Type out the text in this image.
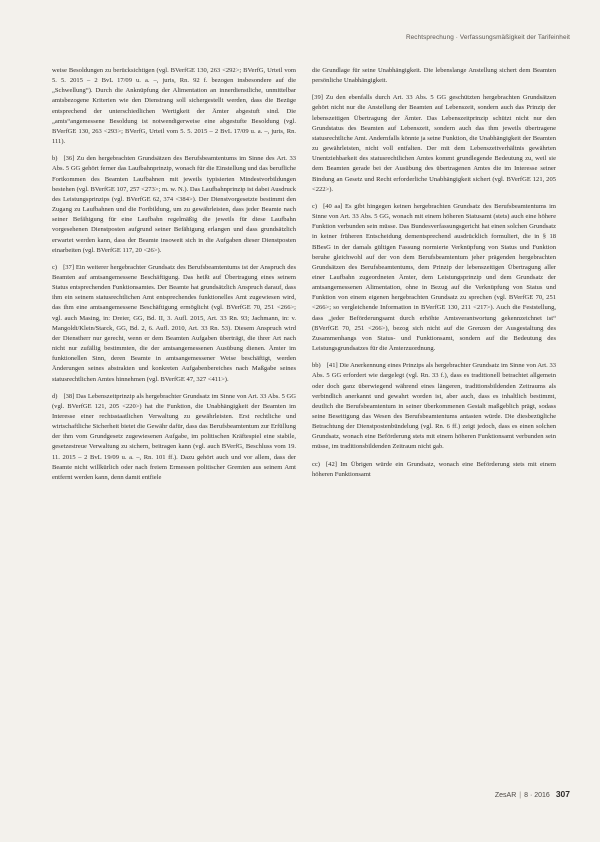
Rechtsprechung · Verfassungsmäßigkeit der Tarifeinheit

weise Besoldungen zu berücksichtigen (vgl. BVerfGE 130, 263 <292>; BVerfG, Urteil vom 5. 5. 2015 – 2 BvL 17/09 u. a. –, juris, Rn. 92 f. bezogen insbesondere auf die „Schwellung“). Durch die Anknüpfung der Alimentation an innerdienstliche, unmittelbar amtsbezogene Kriterien wie den Dienstrang soll sichergestellt werden, dass die Bezüge entsprechend der unterschiedlichen Wertigkeit der Ämter abgestuft sind. Die „amts“angemessene Besoldung ist notwendigerweise eine abgestufte Besoldung (vgl. BVerfGE 130, 263 <293>; BVerfG, Urteil vom 5. 5. 2015 – 2 BvL 17/09 u. a. –, juris, Rn. 111).

b) [36] Zu den hergebrachten Grundsätzen des Berufsbeamtentums im Sinne des Art. 33 Abs. 5 GG gehört ferner das Laufbahnprinzip, wonach für die Einstellung und das berufliche Fortkommen des Beamten Laufbahnen mit jeweils typisierten Mindestvorbildungen bestehen (vgl. BVerfGE 107, 257 <273>; m. w. N.). Das Laufbahnprinzip ist dabei Ausdruck des Leistungsprinzips (vgl. BVerfGE 62, 374 <384>). Der Dienstvorgesetzte bestimmt den Zugang zu Laufbahnen und die Fortbildung, um zu gewährleisten, dass jeder Beamte nach seiner Befähigung für eine Laufbahn regelmäßig die jeweils für diese Laufbahn vorgesehenen Dienstposten aufgrund seiner Befähigung erlangen und dass grundsätzlich erwartet werden kann, dass der Beamte insoweit sich in die Aufgaben dieser Dienstposten einarbeiten (vgl. BVerfGE 117, 20 <26>).

c) [37] Ein weiterer hergebrachter Grundsatz des Berufsbeamtentums ist der Anspruch des Beamten auf amtsangemessene Beschäftigung. Das heißt auf Übertragung eines seinem Status entsprechenden Funktionsamtes. Der Beamte hat grundsätzlich Anspruch darauf, dass ihm ein seinem statusrechtlichen Amt entsprechendes funktionelles Amt zugewiesen wird, das ihm eine amtsangemessene Beschäftigung ermöglicht (vgl. BVerfGE 70, 251 <266>; vgl. auch Masing, in: Dreier, GG, Bd. II, 3. Aufl. 2015, Art. 33 Rn. 93; Jachmann, in: v. Mangoldt/Klein/Starck, GG, Bd. 2, 6. Aufl. 2010, Art. 33 Rn. 53). Diesem Anspruch wird der Dienstherr nur gerecht, wenn er dem Beamten Aufgaben überträgt, die ihrer Art nach nicht nur zufällig bestimmten, die der amtsangemessenen Ausübung dienen. Ämter im funktionellen Sinn, deren Beamte in amtsangemessener Weise beschäftigt, werden Änderungen seines abstrakten und konkreten Aufgabenbereiches nach Maßgabe seines statusrechtlichen Amtes hinnehmen (vgl. BVerfGE 47, 327 <411>).

d) [38] Das Lebenszeitprinzip als hergebrachter Grundsatz im Sinne von Art. 33 Abs. 5 GG (vgl. BVerfGE 121, 205 <220>) hat die Funktion, die Unabhängigkeit der Beamten im Interesse einer rechtsstaatlichen Verwaltung zu gewährleisten. Erst rechtliche und wirtschaftliche Sicherheit bietet die Gewähr dafür, dass das Berufsbeamtentum zur Erfüllung der ihm vom Grundgesetz zugewiesenen Aufgabe, im politischen Kräftespiel eine stabile, gesetzestreue Verwaltung zu sichern, beitragen kann (vgl. auch BVerfG, Beschluss vom 19. 11. 2015 – 2 BvL 19/09 u. a. –, Rn. 101 ff.). Dazu gehört auch und vor allem, dass der Beamte nicht willkürlich oder nach freiem Ermessen politischer Gremien aus seinem Amt entfernt werden kann, denn damit entfiele

die Grundlage für seine Unabhängigkeit. Die lebenslange Anstellung sichert dem Beamten persönliche Unabhängigkeit.

[39] Zu den ebenfalls durch Art. 33 Abs. 5 GG geschützten hergebrachten Grundsätzen gehört nicht nur die Anstellung der Beamten auf Lebenszeit, sondern auch das Prinzip der lebenszeitigen Übertragung der Ämter. Das Lebenszeitprinzip schützt nicht nur den Grundstatus des Beamten auf Lebenszeit, sondern auch das ihm jeweils übertragene statusrechtliche Amt. Andernfalls könnte ja seine Funktion, die Unabhängigkeit der Beamten zu gewährleisten, nicht voll entfalten. Der mit dem Lebenszeitverhältnis gewährten Unentziehbarkeit des statusrechtlichen Amtes kommt grundlegende Bedeutung zu, weil sie dem Beamten gerade bei der Ausübung des übertragenen Amtes die im Interesse seiner Bindung an Gesetz und Recht erforderliche Unabhängigkeit sichert (vgl. BVerfGE 121, 205 <222>).

c) [40 aa] Es gibt hingegen keinen hergebrachten Grundsatz des Berufsbeamtentums im Sinne von Art. 33 Abs. 5 GG, wonach mit einem höheren Statusamt (stets) auch eine höhere Funktion verbunden sein müsse. Das Bundesverfassungsgericht hat einen solchen Grundsatz in keiner früheren Entscheidung dementsprechend ausdrücklich formuliert, die in § 18 BBesG in der damals gültigen Fassung normierte Verknüpfung von Status und Funktion beruhe gleichwohl auf der von dem Berufsbeamtentum jeher prägenden hergebrachten Grundsätzen des Berufsbeamtentums, dem Prinzip der lebenszeitigen Übertragung aller einer Laufbahn zugeordneten Ämter, dem Leistungsprinzip und dem Grundsatz der amtsangemessenen Alimentation, ohne in Bezug auf die Verknüpfung von Status und Funktion von einem eigenen hergebrachten Grundsatz zu sprechen (vgl. BVerfGE 70, 251 <266>; so vergleichende Information in BVerfGE 130, 211 <217>). Auch die Feststellung, dass „jeder Beförderungsamt durch erhöhte Amtsverantwortung gekennzeichnet ist“ (BVerfGE 70, 251 <266>), bezog sich nicht auf die Grenzen der Ausgestaltung des Zusammenhangs von Status- und Funktionsamt, sondern auf die Bedeutung des Leistungsgrundsatzes für die Ämterzuordnung.

bb) [41] Die Anerkennung eines Prinzips als hergebrachter Grundsatz im Sinne von Art. 33 Abs. 5 GG erfordert wie dargelegt (vgl. Rn. 33 f.), dass es traditionell betrachtet allgemein oder doch ganz überwiegend während eines längeren, traditionsbildenden Zeitraums als verbindlich anerkannt und gewahrt worden ist, aber auch, dass es inhaltlich bestimmt, deutlich die Berufsbeamtentum in seiner überkommenen Gestalt maßgeblich prägt, sodass seine Beseitigung das Wesen des Berufsbeamtentums antasten würde. Die diesbezügliche Betrachtung der Dienstpostenbündelung (vgl. Rn. 6 ff.) zeigt jedoch, dass es einen solchen Grundsatz, wonach eine Beförderung stets mit einem höheren Funktionsamt verbunden sein müsse, im traditionsbildenden Zeitraum nicht gab.

cc) [42] Im Übrigen würde ein Grundsatz, wonach eine Beförderung stets mit einem höheren Funktionsamt

ZesAR | 8 · 2016 307
